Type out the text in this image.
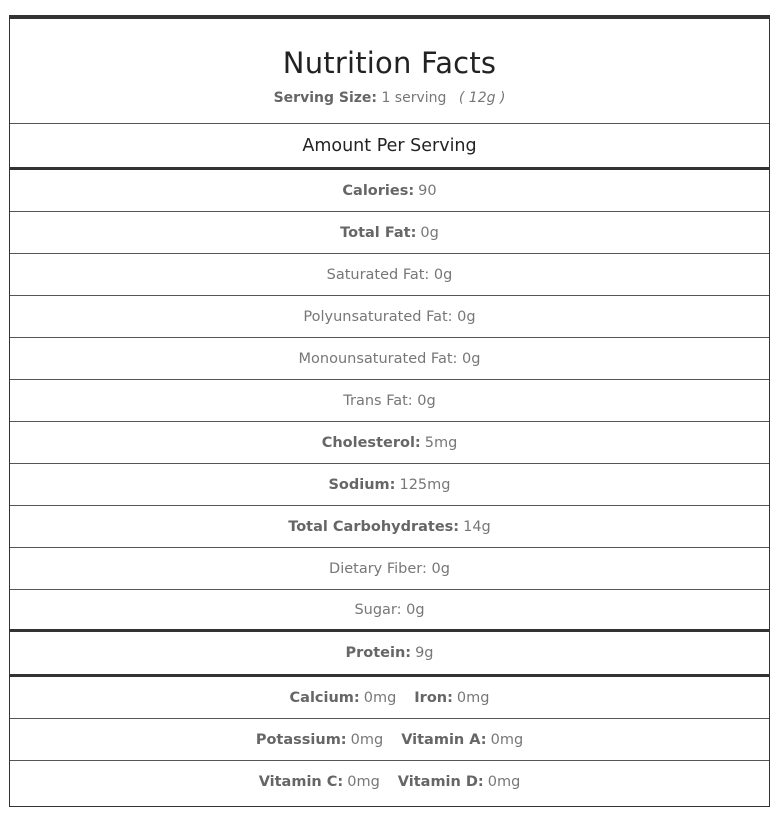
Nutrition Facts
Serving Size: 1 serving ( 12g )
Amount Per Serving
Calories: 90
Total Fat: 0g
Saturated Fat: 0g
Polyunsaturated Fat: 0g
Monounsaturated Fat: 0g
Trans Fat: 0g
Cholesterol: 5mg
Sodium: 125mg
Total Carbohydrates: 14g
Dietary Fiber: 0g
Sugar: 0g
Protein: 9g
Calcium: 0mg Iron: 0mg
Potassium: 0mg Vitamin A: 0mg
Vitamin C: 0mg Vitamin D: 0mg
